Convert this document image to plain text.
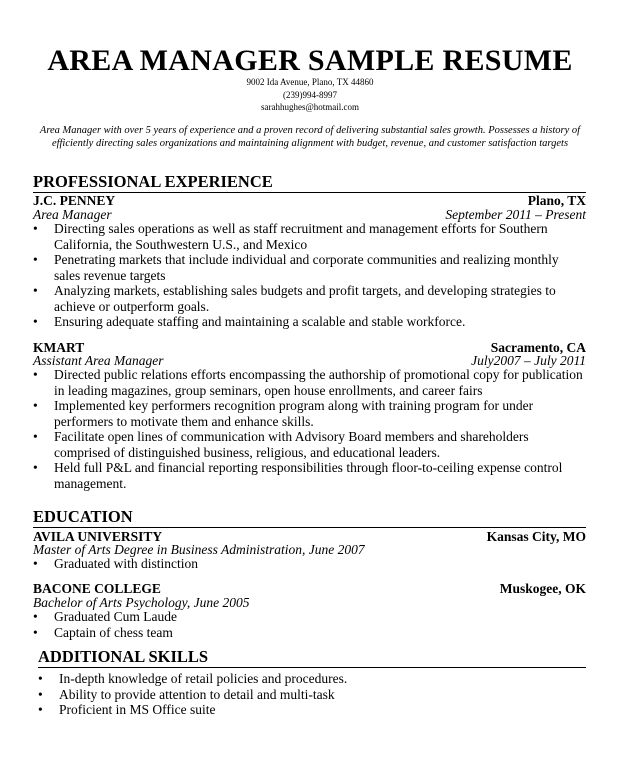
AREA MANAGER SAMPLE RESUME
9002 Ida Avenue, Plano, TX 44860
(239)994-8997
sarahhughes@hotmail.com
Area Manager with over 5 years of experience and a proven record of delivering substantial sales growth. Possesses a history of efficiently directing sales organizations and maintaining alignment with budget, revenue, and customer satisfaction targets
PROFESSIONAL EXPERIENCE
J.C. PENNEY	Plano, TX
Area Manager	September 2011 – Present
• Directing sales operations as well as staff recruitment and management efforts for Southern California, the Southwestern U.S., and Mexico
• Penetrating markets that include individual and corporate communities and realizing monthly sales revenue targets
• Analyzing markets, establishing sales budgets and profit targets, and developing strategies to achieve or outperform goals.
• Ensuring adequate staffing and maintaining a scalable and stable workforce.
KMART	Sacramento, CA
Assistant Area Manager	July2007 – July 2011
• Directed public relations efforts encompassing the authorship of promotional copy for publication in leading magazines, group seminars, open house enrollments, and career fairs
• Implemented key performers recognition program along with training program for under performers to motivate them and enhance skills.
• Facilitate open lines of communication with Advisory Board members and shareholders comprised of distinguished business, religious, and educational leaders.
• Held full P&L and financial reporting responsibilities through floor-to-ceiling expense control management.
EDUCATION
AVILA UNIVERSITY	Kansas City, MO
Master of Arts Degree in Business Administration, June 2007
• Graduated with distinction
BACONE COLLEGE	Muskogee, OK
Bachelor of Arts Psychology, June 2005
• Graduated Cum Laude
• Captain of chess team
ADDITIONAL SKILLS
• In-depth knowledge of retail policies and procedures.
• Ability to provide attention to detail and multi-task
• Proficient in MS Office suite
